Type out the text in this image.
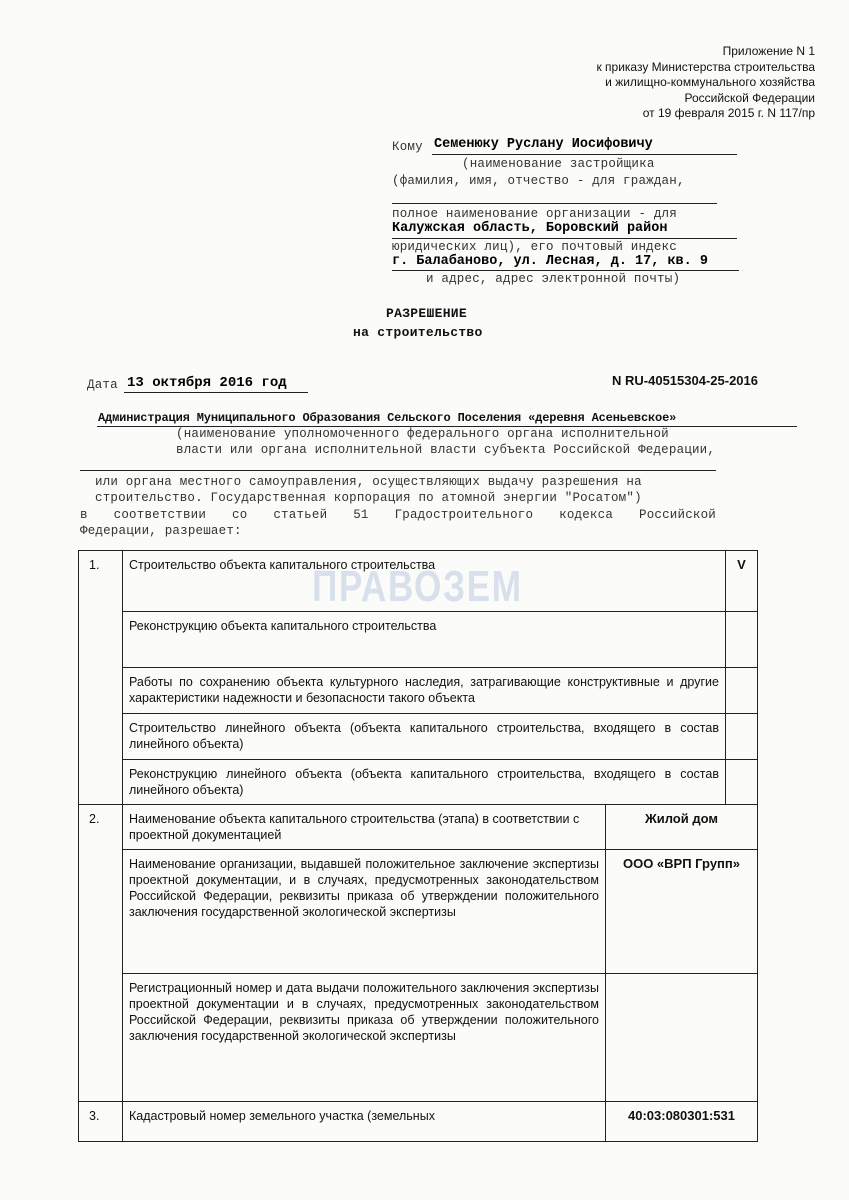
Приложение N 1
к приказу Министерства строительства
и жилищно-коммунального хозяйства
Российской Федерации
от 19 февраля 2015 г. N 117/пр
Кому Семенюку Руслану Иосифовичу
(наименование застройщика
(фамилия, имя, отчество - для граждан,
полное наименование организации - для
Калужская область, Боровский район
юридических лиц), его почтовый индекс
г. Балабаново, ул. Лесная, д. 17, кв. 9
и адрес, адрес электронной почты)
РАЗРЕШЕНИЕ
на строительство
Дата 13 октября 2016 год	N RU-40515304-25-2016
Администрация Муниципального Образования Сельского Поселения «деревня Асеньевское»
(наименование уполномоченного федерального органа исполнительной
власти или органа исполнительной власти субъекта Российской Федерации,
или органа местного самоуправления, осуществляющих выдачу разрешения на
строительство. Государственная корпорация по атомной энергии "Росатом")
в соответствии со статьей 51 Градостроительного кодекса Российской
Федерации, разрешает:
1.	Строительство объекта капитального строительства		V
	Реконструкцию объекта капитального строительства		
	Работы по сохранению объекта культурного наследия, затрагивающие конструктивные и другие характеристики надежности и безопасности такого объекта		
	Строительство линейного объекта (объекта капитального строительства, входящего в состав линейного объекта)		
	Реконструкцию линейного объекта (объекта капитального строительства, входящего в состав линейного объекта)		
2.	Наименование объекта капитального строительства (этапа) в соответствии с проектной документацией	Жилой дом	
	Наименование организации, выдавшей положительное заключение экспертизы проектной документации, и в случаях, предусмотренных законодательством Российской Федерации, реквизиты приказа об утверждении положительного заключения государственной экологической экспертизы	ООО «ВРП Групп»	
	Регистрационный номер и дата выдачи положительного заключения экспертизы проектной документации и в случаях, предусмотренных законодательством Российской Федерации, реквизиты приказа об утверждении положительного заключения государственной экологической экспертизы		
3.	Кадастровый номер земельного участка (земельных	40:03:080301:531	
ПРАВОЗЕМ
